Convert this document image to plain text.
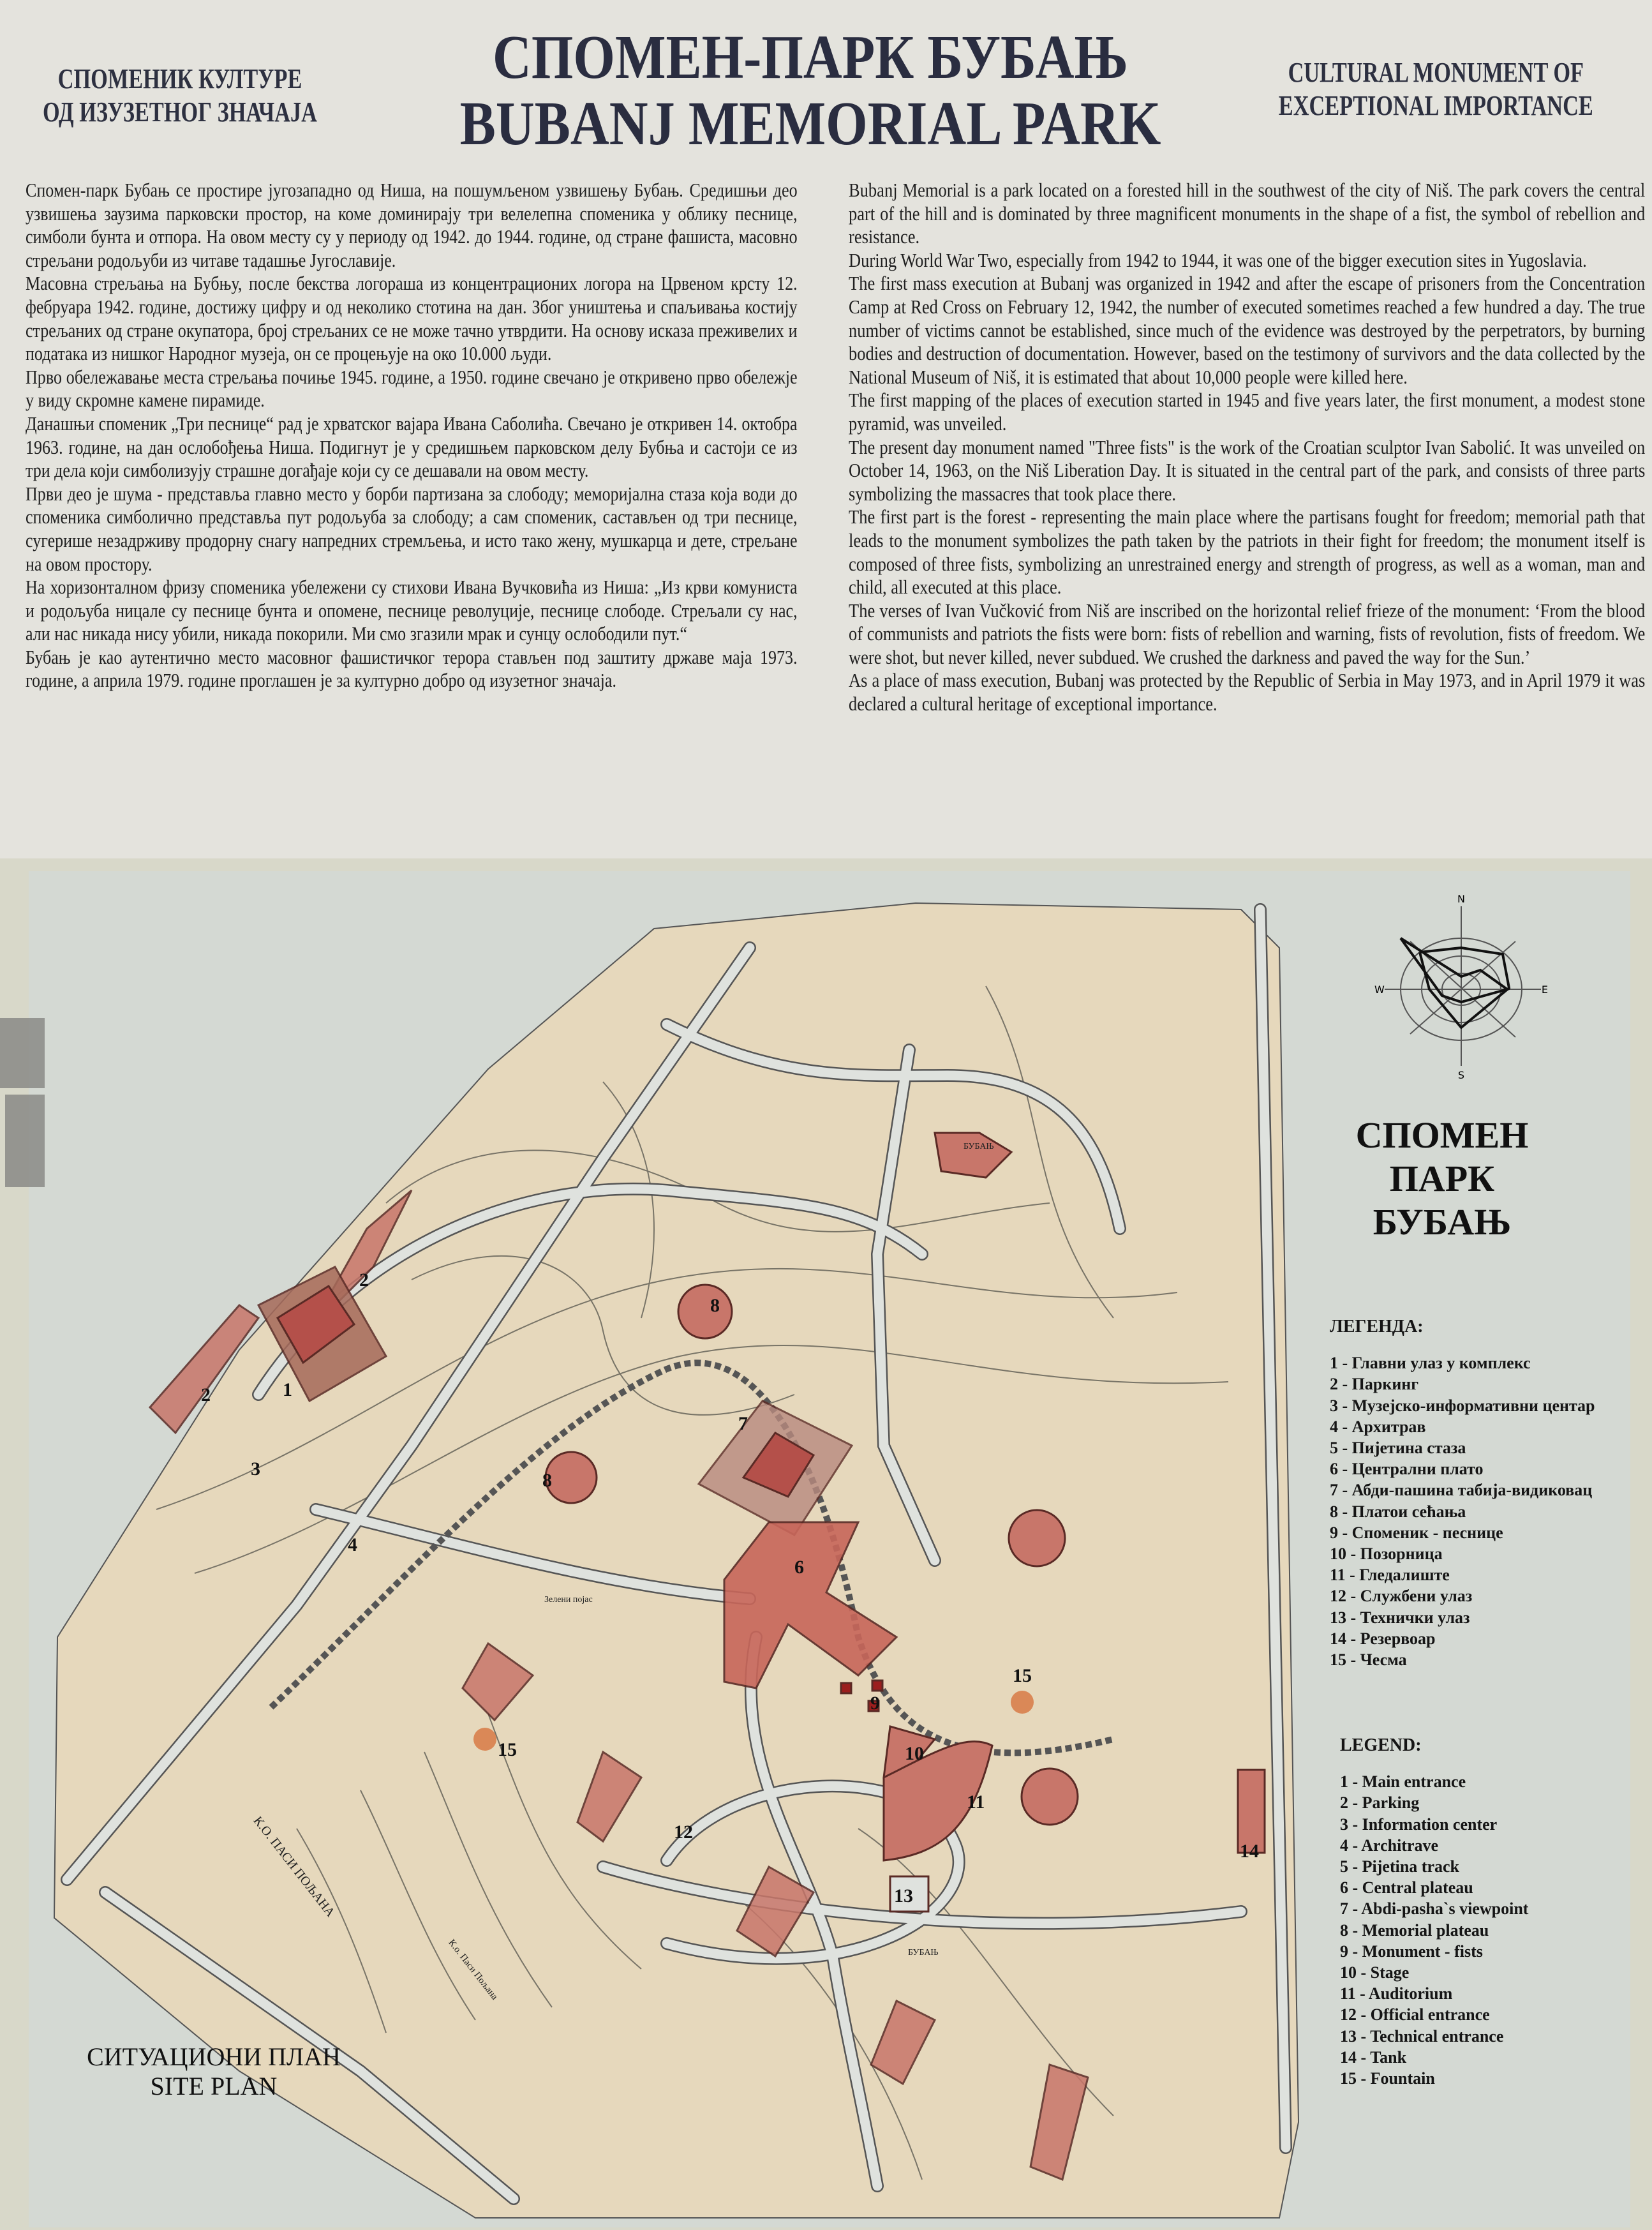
СПОМЕНИК КУЛТУРЕ
ОД ИЗУЗЕТНОГ ЗНАЧАЈА
СПОМЕН-ПАРК БУБАЊ
BUBANJ MEMORIAL PARK
CULTURAL MONUMENT OF
EXCEPTIONAL IMPORTANCE

Спомен-парк Бубањ се простире југозападно од Ниша, на пошумљеном узвишењу Бубањ. Средишњи део узвишења заузима парковски простор, на коме доминирају три велелепна споменика у облику песнице, симболи бунта и отпора. На овом месту су у периоду од 1942. до 1944. године, од стране фашиста, масовно стрељани родољуби из читаве тадашње Југославије.

Масовна стрељања на Бубњу, после бекства логораша из концентрационих логора на Црвеном крсту 12. фебруара 1942. године, достижу цифру и од неколико стотина на дан. Због уништења и спаљивања костију стрељаних од стране окупатора, број стрељаних се не може тачно утврдити. На основу исказа преживелих и података из нишког Народног музеја, он се процењује на око 10.000 људи.

Прво обележавање места стрељања почиње 1945. године, а 1950. године свечано је откривено прво обележје у виду скромне камене пирамиде.

Данашњи споменик „Три песнице“ рад је хрватског вајара Ивана Саболића. Свечано је откривен 14. октобра 1963. године, на дан ослобођења Ниша. Подигнут је у средишњем парковском делу Бубња и састоји се из три дела који симболизују страшне догађаје који су се дешавали на овом месту.

Први део је шума - представља главно место у борби партизана за слободу; меморијална стаза која води до споменика симболично представља пут родољуба за слободу; а сам споменик, састављен од три песнице, сугерише незадрживу продорну снагу напредних стремљења, и исто тако жену, мушкарца и дете, стрељане на овом простору.

На хоризонталном фризу споменика убележени су стихови Ивана Вучковића из Ниша: „Из крви комуниста и родољуба ницале су песнице бунта и опомене, песнице револуције, песнице слободе. Стрељали су нас, али нас никада нису убили, никада покорили. Ми смо згазили мрак и сунцу ослободили пут.“

Бубањ је као аутентично место масовног фашистичког терора стављен под заштиту државе маја 1973. године, а априла 1979. године проглашен је за културно добро од изузетног значаја.

Bubanj Memorial is a park located on a forested hill in the southwest of the city of Niš. The park covers the central part of the hill and is dominated by three magnificent monuments in the shape of a fist, the symbol of rebellion and resistance.

During World War Two, especially from 1942 to 1944, it was one of the bigger execution sites in Yugoslavia.

The first mass execution at Bubanj was organized in 1942 and after the escape of prisoners from the Concentration Camp at Red Cross on February 12, 1942, the number of executed sometimes reached a few hundred a day. The true number of victims cannot be established, since much of the evidence was destroyed by the perpetrators, by burning bodies and destruction of documentation. However, based on the testimony of survivors and the data collected by the National Museum of Niš, it is estimated that about 10,000 people were killed here.

The first mapping of the places of execution started in 1945 and five years later, the first monument, a modest stone pyramid, was unveiled.

The present day monument named "Three fists" is the work of the Croatian sculptor Ivan Sabolić. It was unveiled on October 14, 1963, on the Niš Liberation Day. It is situated in the central part of the park, and consists of three parts symbolizing the massacres that took place there.

The first part is the forest - representing the main place where the partisans fought for freedom; memorial path that leads to the monument symbolizes the path taken by the patriots in their fight for freedom; the monument itself is composed of three fists, symbolizing an unrestrained energy and strength of progress, as well as a woman, man and child, all executed at this place.

The verses of Ivan Vučković from Niš are inscribed on the horizontal relief frieze of the monument: ‘From the blood of communists and patriots the fists were born: fists of rebellion and warning, fists of revolution, fists of freedom. We were shot, but never killed, never subdued. We crushed the darkness and paved the way for the Sun.’

As a place of mass execution, Bubanj was protected by the Republic of Serbia in May 1973, and in April 1979 it was declared a cultural heritage of exceptional importance.

1
2
2
3
4
6
7
8
8
9
10
11
12
13
14
15
15
Зелени појас
БУБАЊ
БУБАЊ
К.О. ПАСИ ПОЉАНА
К.о. Паси Пољана
N
S
E
W
СПОМЕН
ПАРК
БУБАЊ
ЛЕГЕНДА:
1 - Главни улаз у комплекс
2 - Паркинг
3 - Музејско-информативни центар
4 - Архитрав
5 - Пијетина стаза
6 - Централни плато
7 - Абди-пашина табија-видиковац
8 - Платои сећања
9 - Споменик - песнице
10 - Позорница
11 - Гледалиште
12 - Службени улаз
13 - Технички улаз
14 - Резервоар
15 - Чесма
LEGEND:
1 - Main entrance
2 - Parking
3 - Information center
4 - Architrave
5 - Pijetina track
6 - Central plateau
7 - Abdi-pasha`s viewpoint
8 - Memorial plateau
9 - Monument - fists
10 - Stage
11 - Auditorium
12 - Official entrance
13 - Technical entrance
14 - Tank
15 - Fountain
СИТУАЦИОНИ ПЛАН
SITE PLAN
